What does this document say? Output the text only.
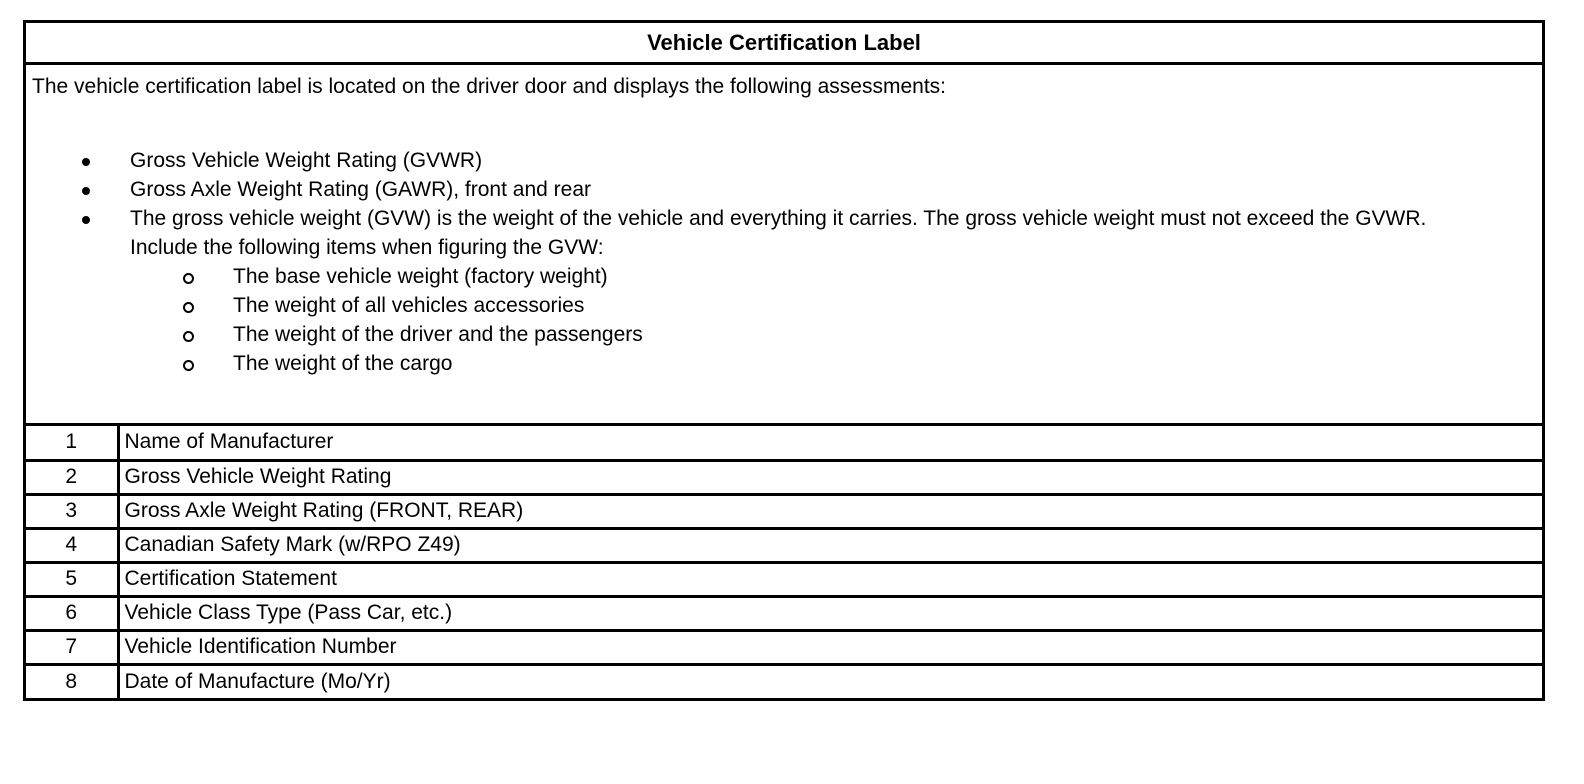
Vehicle Certification Label
The vehicle certification label is located on the driver door and displays the following assessments:
Gross Vehicle Weight Rating (GVWR)
Gross Axle Weight Rating (GAWR), front and rear
The gross vehicle weight (GVW) is the weight of the vehicle and everything it carries. The gross vehicle weight must not exceed the GVWR. Include the following items when figuring the GVW:
The base vehicle weight (factory weight)
The weight of all vehicles accessories
The weight of the driver and the passengers
The weight of the cargo
1	Name of Manufacturer
2	Gross Vehicle Weight Rating
3	Gross Axle Weight Rating (FRONT, REAR)
4	Canadian Safety Mark (w/RPO Z49)
5	Certification Statement
6	Vehicle Class Type (Pass Car, etc.)
7	Vehicle Identification Number
8	Date of Manufacture (Mo/Yr)
